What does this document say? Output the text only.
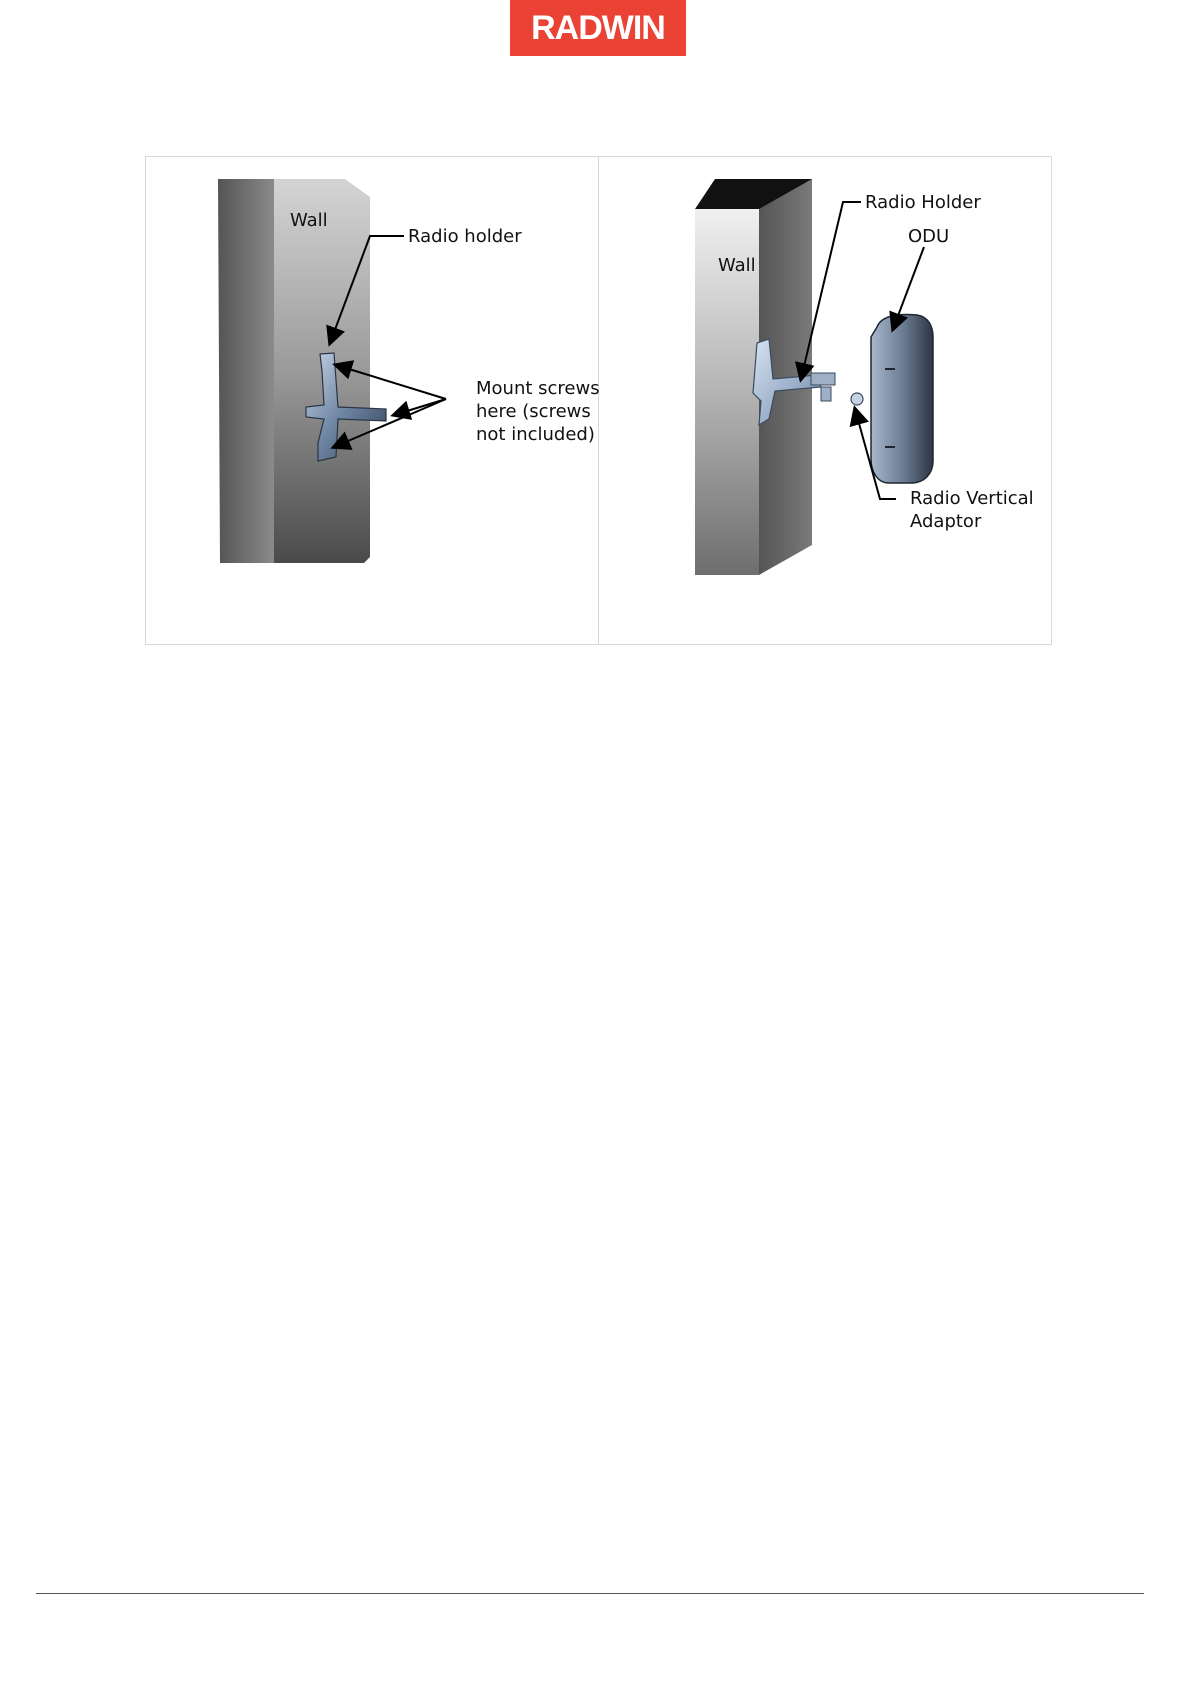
RADWIN
Wall
Radio holder
Mount screws
here (screws
not included)
Radio Holder
ODU
Wall
Radio Vertical
Adaptor
